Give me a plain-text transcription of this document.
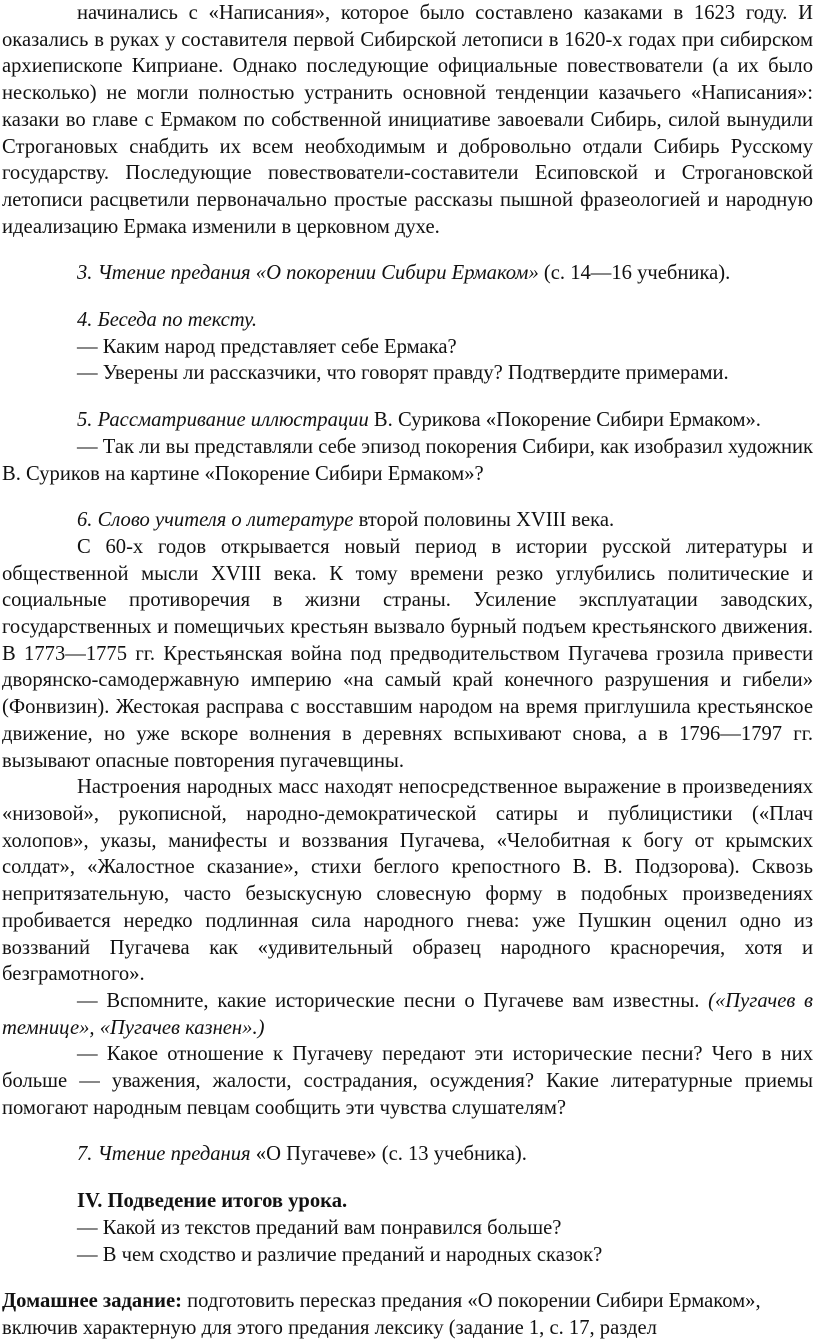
начинались с «Написания», которое было составлено казаками в 1623 году. И оказались в руках у составителя первой Сибирской летописи в 1620-х годах при сибирском архиепископе Киприане. Однако последующие официальные повествователи (а их было несколько) не могли полностью устранить основной тенденции казачьего «Написания»: казаки во главе с Ермаком по собственной инициативе завоевали Сибирь, силой вынудили Строгановых снабдить их всем необходимым и добровольно отдали Сибирь Русскому государству. Последующие повествователи-составители Есиповской и Строгановской летописи расцветили первоначально простые рассказы пышной фразеологией и народную идеализацию Ермака изменили в церковном духе.

3. Чтение предания «О покорении Сибири Ермаком» (с. 14—16 учебника).

4. Беседа по тексту.

— Каким народ представляет себе Ермака?

— Уверены ли рассказчики, что говорят правду? Подтвердите примерами.

5. Рассматривание иллюстрации В. Сурикова «Покорение Сибири Ермаком».

— Так ли вы представляли себе эпизод покорения Сибири, как изобразил художник В. Суриков на картине «Покорение Сибири Ермаком»?

6. Слово учителя о литературе второй половины XVIII века.

С 60-х годов открывается новый период в истории русской литературы и общественной мысли XVIII века. К тому времени резко углубились политические и социальные противоречия в жизни страны. Усиление эксплуатации заводских, государственных и помещичьих крестьян вызвало бурный подъем крестьянского движения. В 1773—1775 гг. Крестьянская война под предводительством Пугачева грозила привести дворянско-самодержавную империю «на самый край конечного разрушения и гибели» (Фонвизин). Жестокая расправа с восставшим народом на время приглушила крестьянское движение, но уже вскоре волнения в деревнях вспыхивают снова, а в 1796—1797 гг. вызывают опасные повторения пугачевщины.

Настроения народных масс находят непосредственное выражение в произведениях «низовой», рукописной, народно-демократической сатиры и публицистики («Плач холопов», указы, манифесты и воззвания Пугачева, «Челобитная к богу от крымских солдат», «Жалостное сказание», стихи беглого крепостного В. В. Подзорова). Сквозь непритязательную, часто безыскусную словесную форму в подобных произведениях пробивается нередко подлинная сила народного гнева: уже Пушкин оценил одно из воззваний Пугачева как «удивительный образец народного красноречия, хотя и безграмотного».

— Вспомните, какие исторические песни о Пугачеве вам известны. («Пугачев в темнице», «Пугачев казнен».)

— Какое отношение к Пугачеву передают эти исторические песни? Чего в них больше — уважения, жалости, сострадания, осуждения? Какие литературные приемы помогают народным певцам сообщить эти чувства слушателям?

7. Чтение предания «О Пугачеве» (с. 13 учебника).

IV. Подведение итогов урока.

— Какой из текстов преданий вам понравился больше?

— В чем сходство и различие преданий и народных сказок?

Домашнее задание: подготовить пересказ предания «О покорении Сибири Ермаком», включив характерную для этого предания лексику (задание 1, с. 17, раздел
